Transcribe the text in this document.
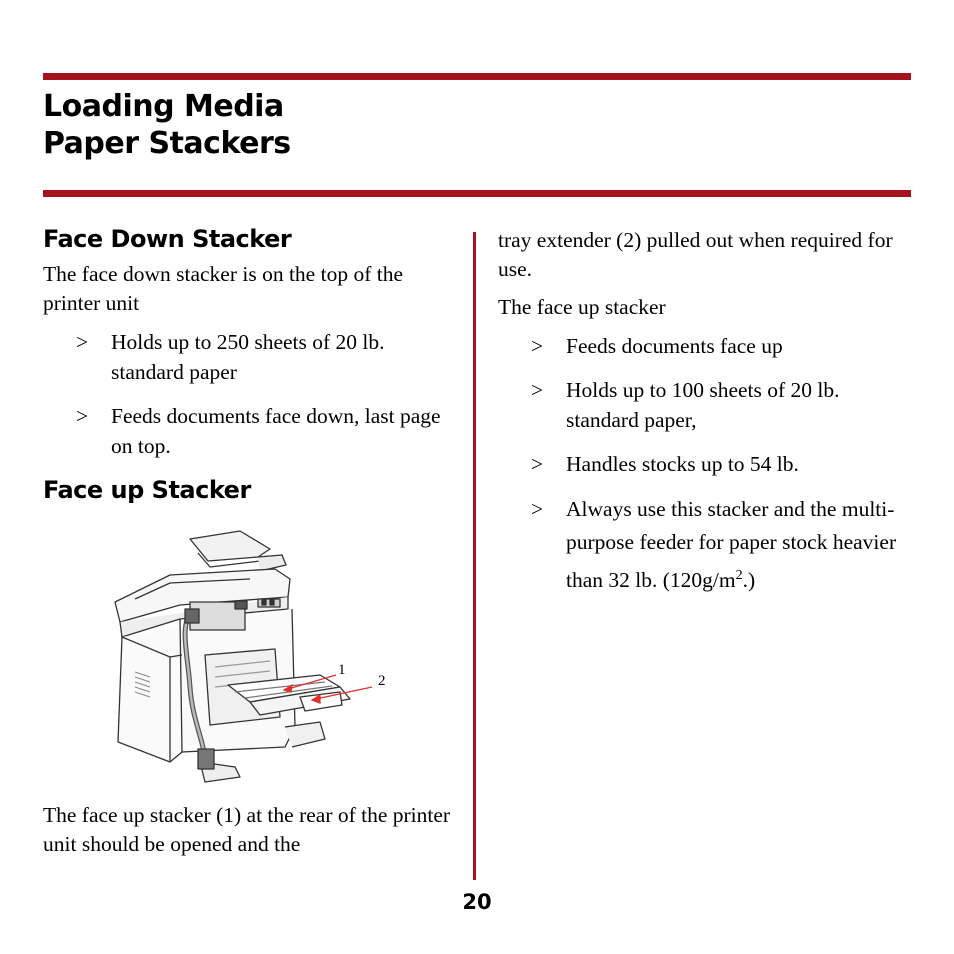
Loading Media
Paper Stackers
Face Down Stacker

The face down stacker is on the top of the printer unit

> Holds up to 250 sheets of 20 lb. standard paper
> Feeds documents face down, last page on top.
Face up Stacker
1
2

The face up stacker (1) at the rear of the printer unit should be opened and the

tray extender (2) pulled out when required for use.

The face up stacker

> Feeds documents face up
> Holds up to 100 sheets of 20 lb. standard paper,
> Handles stocks up to 54 lb.
> Always use this stacker and the multi-purpose feeder for paper stock heavier than 32 lb. $(120g/m^2.)$
20
